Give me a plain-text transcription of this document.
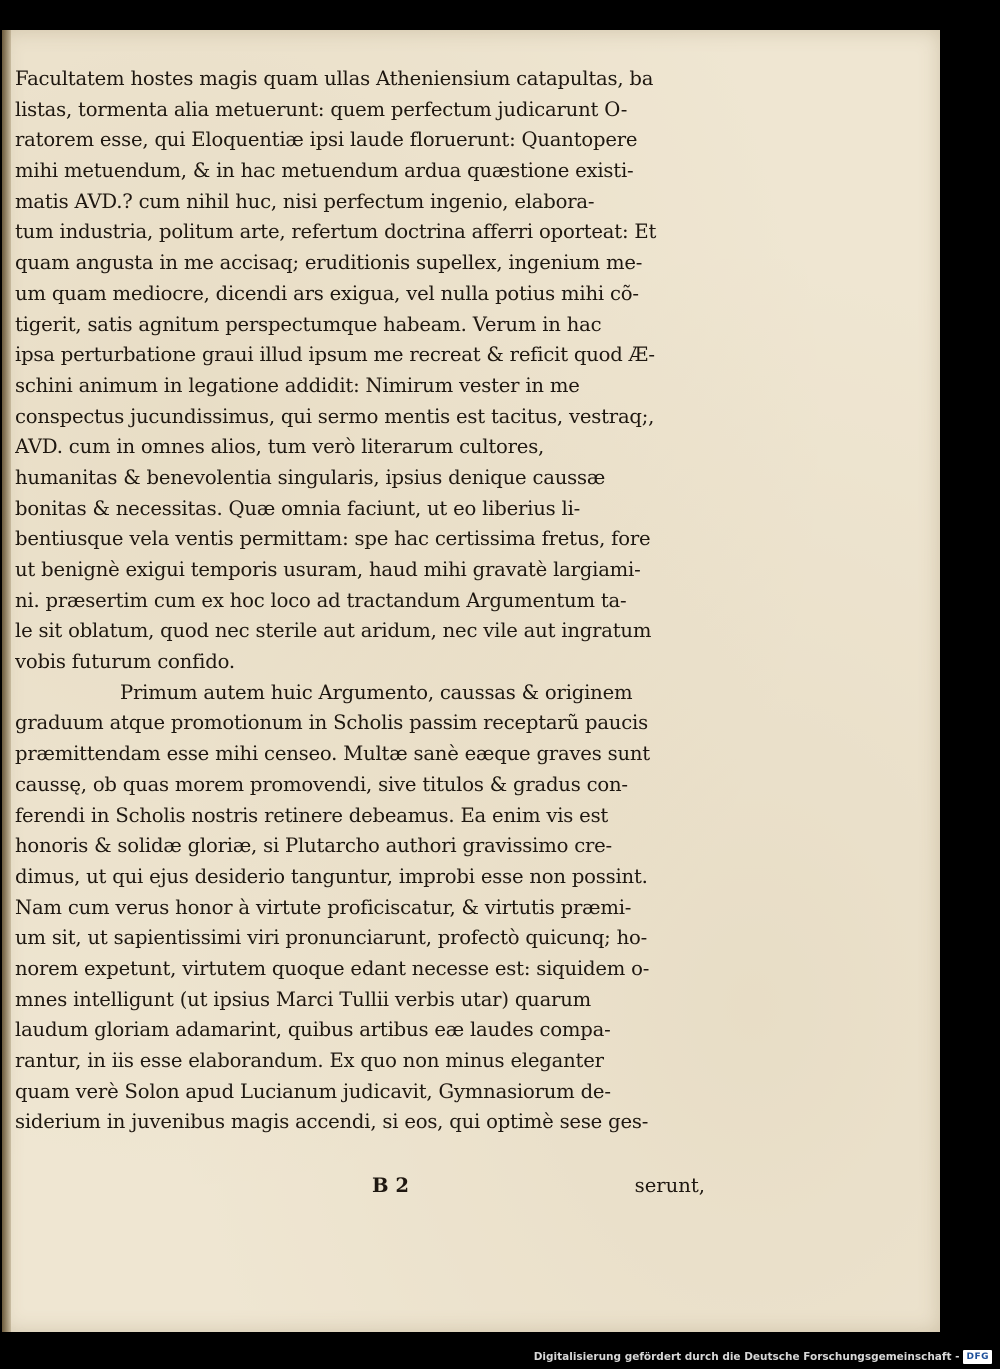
Facultatem hostes magis quam ullas Atheniensium catapultas, ba
listas, tormenta alia metuerunt: quem perfectum judicarunt O-
ratorem esse, qui Eloquentiæ ipsi laude floruerunt: Quantopere
mihi metuendum, & in hac metuendum ardua quæstione existi-
matis AVD.? cum nihil huc, nisi perfectum ingenio, elabora-
tum industria, politum arte, refertum doctrina afferri oporteat: Et
quam angusta in me accisaq; eruditionis supellex, ingenium me-
um quam mediocre, dicendi ars exigua, vel nulla potius mihi cõ-
tigerit, satis agnitum perspectumque habeam. Verum in hac
ipsa perturbatione graui illud ipsum me recreat & reficit quod Æ-
schini animum in legatione addidit: Nimirum vester in me
conspectus jucundissimus, qui sermo mentis est tacitus, vestraq;,
AVD. cum in omnes alios, tum verò literarum cultores,
humanitas & benevolentia singularis, ipsius denique caussæ
bonitas & necessitas. Quæ omnia faciunt, ut eo liberius li-
bentiusque vela ventis permittam: spe hac certissima fretus, fore
ut benignè exigui temporis usuram, haud mihi gravatè largiami-
ni. præsertim cum ex hoc loco ad tractandum Argumentum ta-
le sit oblatum, quod nec sterile aut aridum, nec vile aut ingratum
vobis futurum confido.
Primum autem huic Argumento, caussas & originem
graduum atque promotionum in Scholis passim receptarũ paucis
præmittendam esse mihi censeo. Multæ sanè eæque graves sunt
caussę, ob quas morem promovendi, sive titulos & gradus con-
ferendi in Scholis nostris retinere debeamus. Ea enim vis est
honoris & solidæ gloriæ, si Plutarcho authori gravissimo cre-
dimus, ut qui ejus desiderio tanguntur, improbi esse non possint.
Nam cum verus honor à virtute proficiscatur, & virtutis præmi-
um sit, ut sapientissimi viri pronunciarunt, profectò quicunq; ho-
norem expetunt, virtutem quoque edant necesse est: siquidem o-
mnes intelligunt (ut ipsius Marci Tullii verbis utar) quarum
laudum gloriam adamarint, quibus artibus eæ laudes compa-
rantur, in iis esse elaborandum. Ex quo non minus eleganter
quam verè Solon apud Lucianum judicavit, Gymnasiorum de-
siderium in juvenibus magis accendi, si eos, qui optimè sese ges-
B 2	serunt,
Digitalisierung gefördert durch die Deutsche Forschungsgemeinschaft - DFG
